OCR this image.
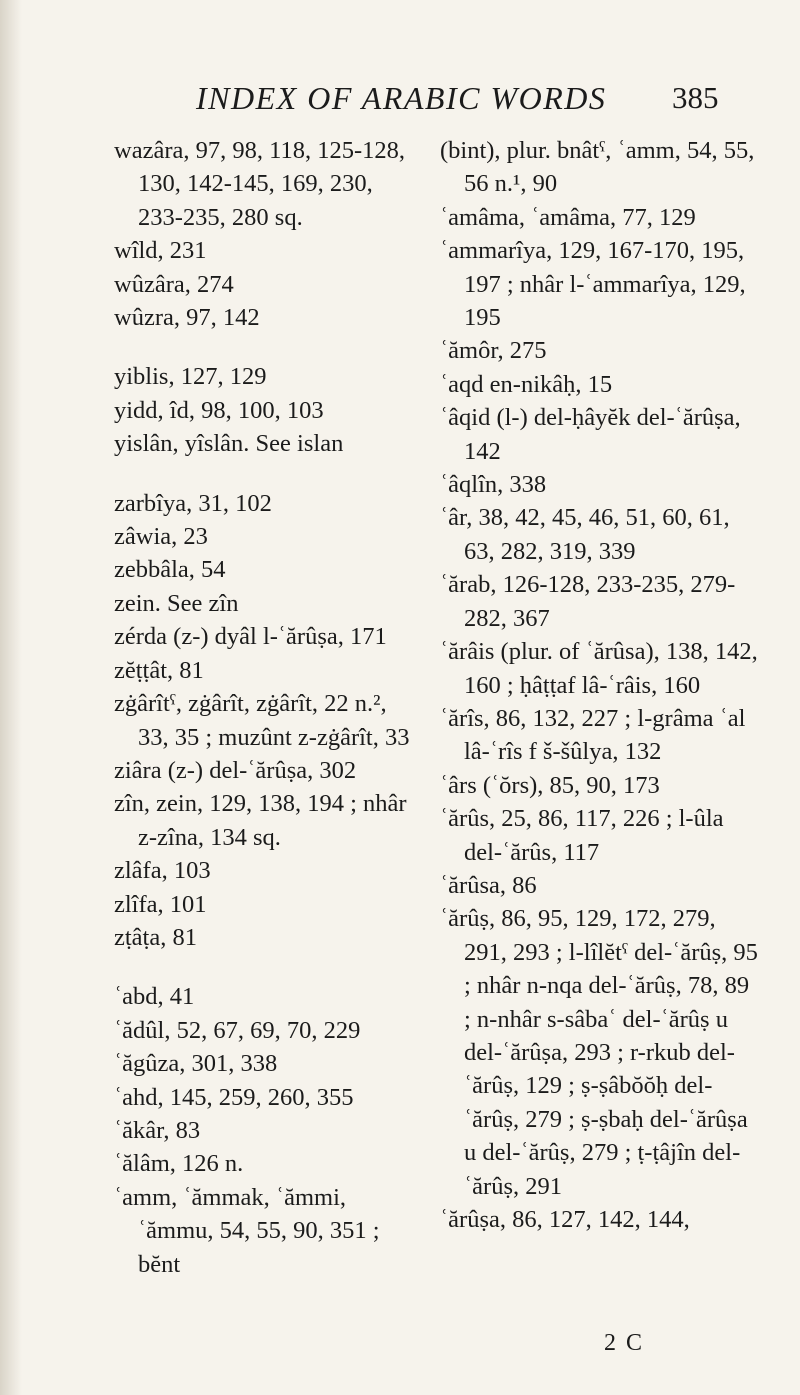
INDEX OF ARABIC WORDS 385
wazâra, 97, 98, 118, 125-128, 130, 142-145, 169, 230, 233-235, 280 sq.
wîld, 231
wûzâra, 274
wûzra, 97, 142
yiblis, 127, 129
yidd, îd, 98, 100, 103
yislân, yîslân. See islan
zarbîya, 31, 102
zâwia, 23
zebbâla, 54
zein. See zîn
zérda (z-) dyâl l-ʿărûṣa, 171
zĕṭṭât, 81
zġârîtˁ, zġârît, zġârît, 22 n.², 33, 35 ; muzûnt z-zġârît, 33
ziâra (z-) del-ʿărûṣa, 302
zîn, zein, 129, 138, 194 ; nhâr z-zîna, 134 sq.
zlâfa, 103
zlîfa, 101
zṭâṭa, 81
ʿabd, 41
ʿădûl, 52, 67, 69, 70, 229
ʿăgûza, 301, 338
ʿahd, 145, 259, 260, 355
ʿăkâr, 83
ʿălâm, 126 n.
ʿamm, ʿămmak, ʿămmi, ʿămmu, 54, 55, 90, 351 ; bĕnt
(bint), plur. bnâtˁ, ʿamm, 54, 55, 56 n.¹, 90
ʿamâma, ʿamâma, 77, 129
ʿammarîya, 129, 167-170, 195, 197 ; nhâr l-ʿammarîya, 129, 195
ʿămôr, 275
ʿaqd en-nikâḥ, 15
ʿâqid (l-) del-ḥâyĕk del-ʿărûṣa, 142
ʿâqlîn, 338
ʿâr, 38, 42, 45, 46, 51, 60, 61, 63, 282, 319, 339
ʿărab, 126-128, 233-235, 279-282, 367
ʿărâis (plur. of ʿărûsa), 138, 142, 160 ; ḥâṭṭaf lâ-ʿrâis, 160
ʿărîs, 86, 132, 227 ; l-grâma ʿal lâ-ʿrîs f š-šûlya, 132
ʿârs (ʿŏrs), 85, 90, 173
ʿărûs, 25, 86, 117, 226 ; l-ûla del-ʿărûs, 117
ʿărûsa, 86
ʿărûṣ, 86, 95, 129, 172, 279, 291, 293 ; l-lîlĕtˁ del-ʿărûṣ, 95 ; nhâr n-nqa del-ʿărûṣ, 78, 89 ; n-nhâr s-sâbaʿ del-ʿărûṣ u del-ʿărûṣa, 293 ; r-rkub del-ʿărûṣ, 129 ; ṣ-ṣâbŏŏḥ del-ʿărûṣ, 279 ; ṣ-ṣbaḥ del-ʿărûṣa u del-ʿărûṣ, 279 ; ṭ-ṭâjîn del-ʿărûṣ, 291
ʿărûṣa, 86, 127, 142, 144,
2 C
